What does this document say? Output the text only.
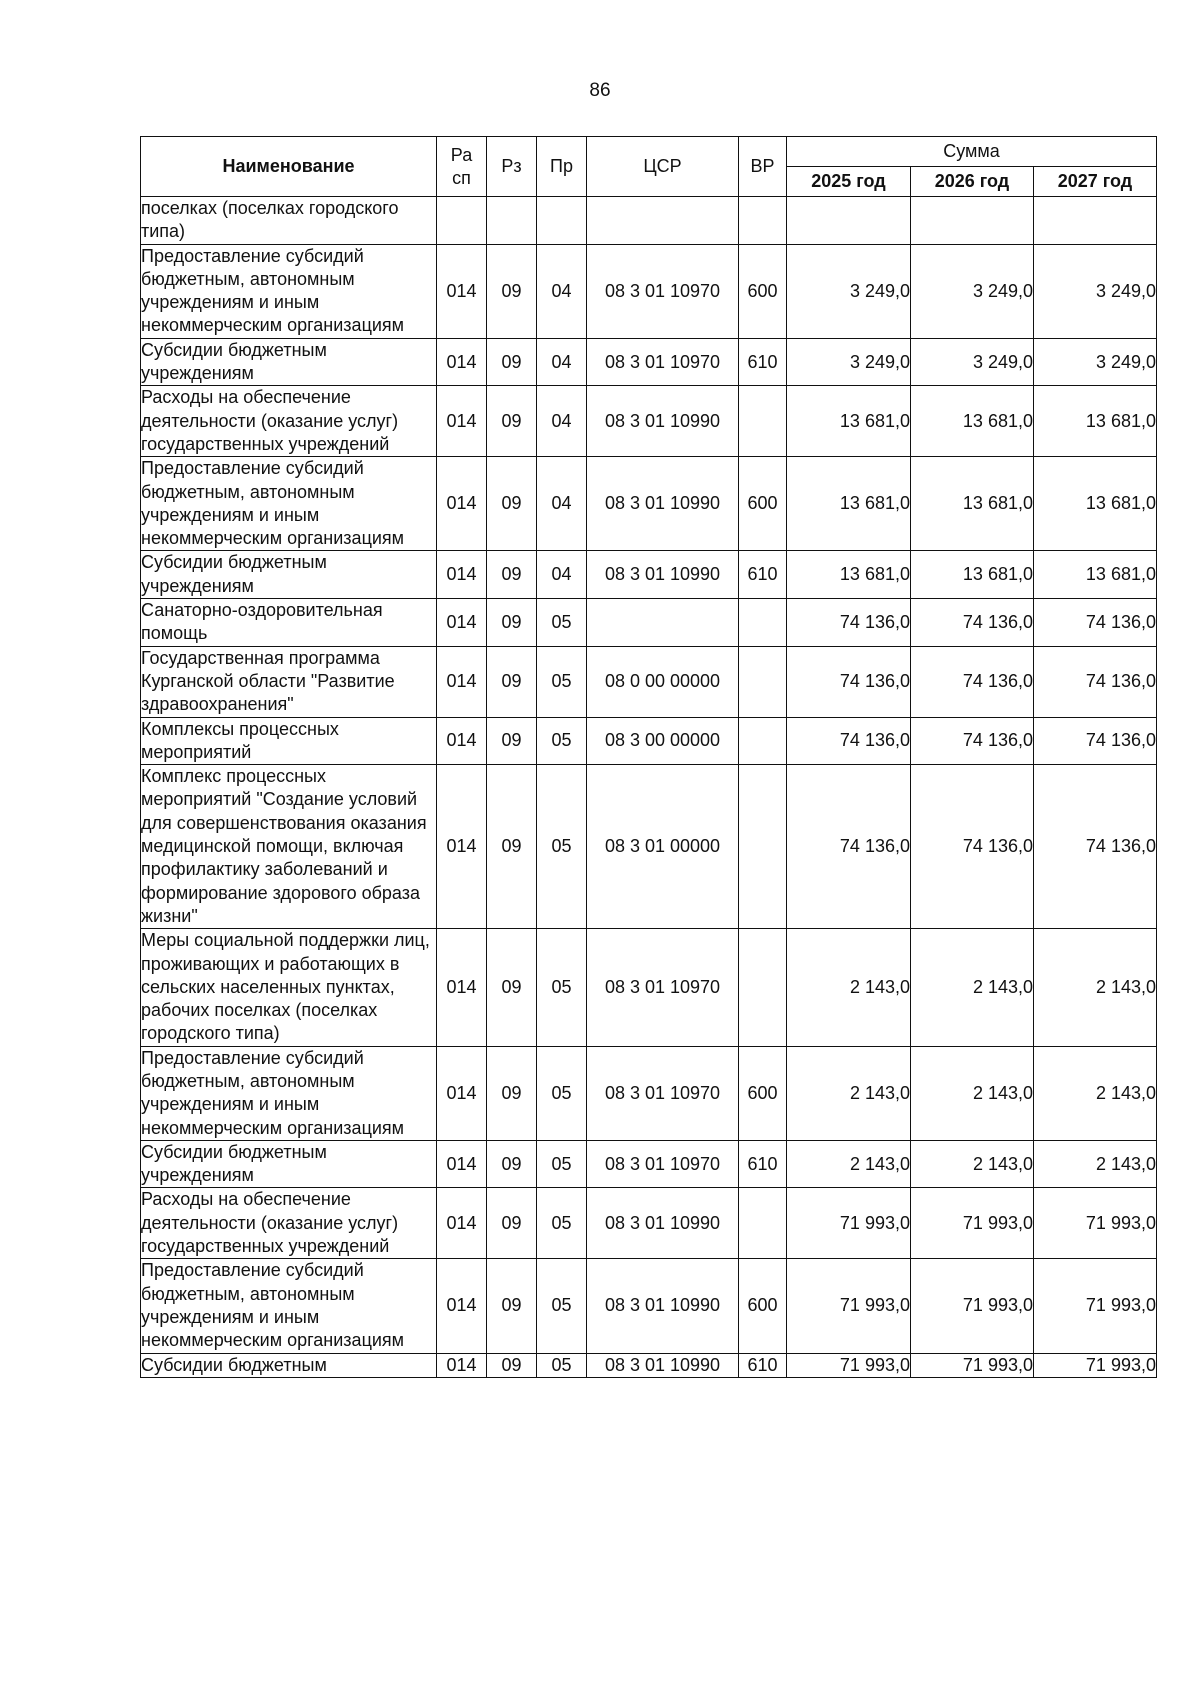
86
Наименование	Ра сп	Рз	Пр	ЦСР	ВР	Сумма		
						2025 год	2026 год	2027 год
поселках (поселках городского типа)								
Предоставление субсидий бюджетным, автономным учреждениям и иным некоммерческим организациям	014	09	04	08 3 01 10970	600	3 249,0	3 249,0	3 249,0
Субсидии бюджетным учреждениям	014	09	04	08 3 01 10970	610	3 249,0	3 249,0	3 249,0
Расходы на обеспечение деятельности (оказание услуг) государственных учреждений	014	09	04	08 3 01 10990		13 681,0	13 681,0	13 681,0
Предоставление субсидий бюджетным, автономным учреждениям и иным некоммерческим организациям	014	09	04	08 3 01 10990	600	13 681,0	13 681,0	13 681,0
Субсидии бюджетным учреждениям	014	09	04	08 3 01 10990	610	13 681,0	13 681,0	13 681,0
Санаторно-оздоровительная помощь	014	09	05			74 136,0	74 136,0	74 136,0
Государственная программа Курганской области "Развитие здравоохранения"	014	09	05	08 0 00 00000		74 136,0	74 136,0	74 136,0
Комплексы процессных мероприятий	014	09	05	08 3 00 00000		74 136,0	74 136,0	74 136,0
Комплекс процессных мероприятий "Создание условий для совершенствования оказания медицинской помощи, включая профилактику заболеваний и формирование здорового образа жизни"	014	09	05	08 3 01 00000		74 136,0	74 136,0	74 136,0
Меры социальной поддержки лиц, проживающих и работающих в сельских населенных пунктах, рабочих поселках (поселках городского типа)	014	09	05	08 3 01 10970		2 143,0	2 143,0	2 143,0
Предоставление субсидий бюджетным, автономным учреждениям и иным некоммерческим организациям	014	09	05	08 3 01 10970	600	2 143,0	2 143,0	2 143,0
Субсидии бюджетным учреждениям	014	09	05	08 3 01 10970	610	2 143,0	2 143,0	2 143,0
Расходы на обеспечение деятельности (оказание услуг) государственных учреждений	014	09	05	08 3 01 10990		71 993,0	71 993,0	71 993,0
Предоставление субсидий бюджетным, автономным учреждениям и иным некоммерческим организациям	014	09	05	08 3 01 10990	600	71 993,0	71 993,0	71 993,0
Субсидии бюджетным	014	09	05	08 3 01 10990	610	71 993,0	71 993,0	71 993,0
